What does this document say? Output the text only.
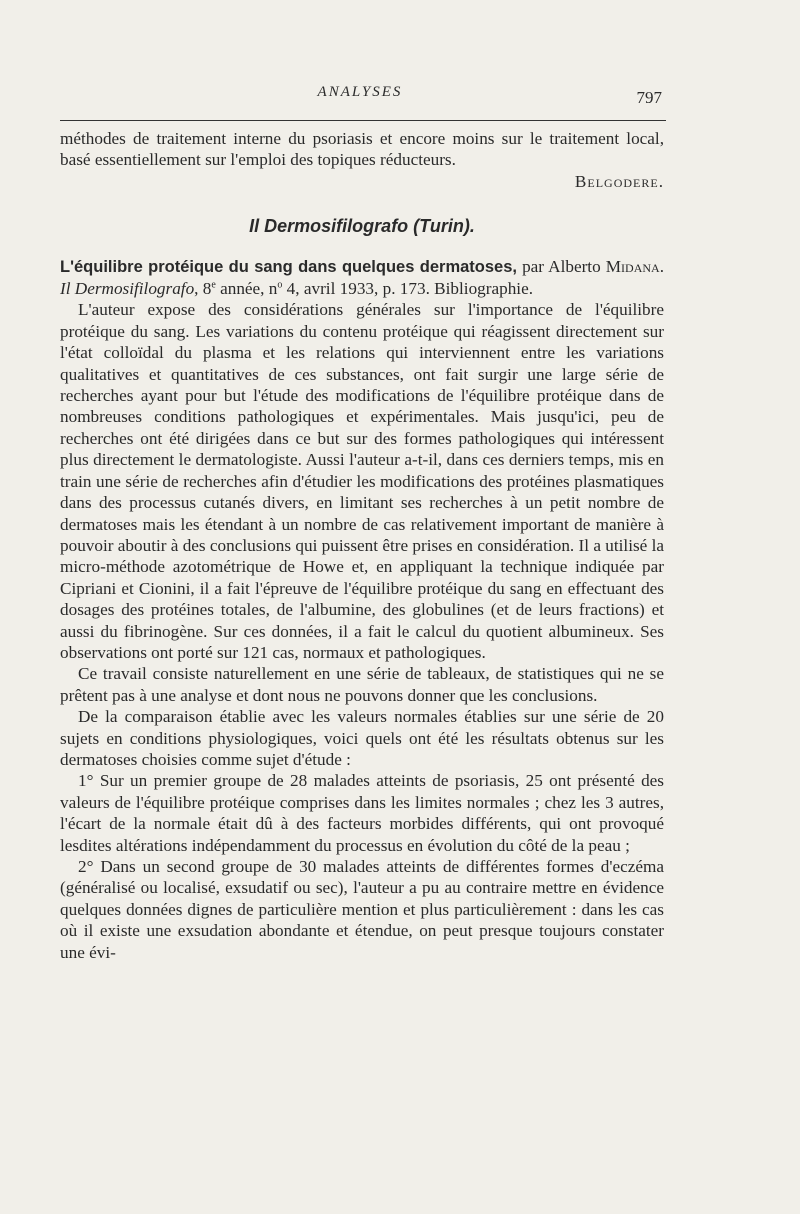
ANALYSES	797

méthodes de traitement interne du psoriasis et encore moins sur le traitement local, basé essentiellement sur l'emploi des topiques réducteurs.

Belgodere.

Il Dermosifilografo (Turin).

L'équilibre protéique du sang dans quelques dermatoses, par Alberto Midana. Il Dermosifilografo, 8e année, $n^o$ 4, avril 1933, p. 173. Bibliographie.

L'auteur expose des considérations générales sur l'importance de l'équilibre protéique du sang. Les variations du contenu protéique qui réagissent directement sur l'état colloïdal du plasma et les relations qui interviennent entre les variations qualitatives et quantitatives de ces substances, ont fait surgir une large série de recherches ayant pour but l'étude des modifications de l'équilibre protéique dans de nombreuses conditions pathologiques et expérimentales. Mais jusqu'ici, peu de recherches ont été dirigées dans ce but sur des formes pathologiques qui intéressent plus directement le dermatologiste. Aussi l'auteur a-t-il, dans ces derniers temps, mis en train une série de recherches afin d'étudier les modifications des protéines plasmatiques dans des processus cutanés divers, en limitant ses recherches à un petit nombre de dermatoses mais les étendant à un nombre de cas relativement important de manière à pouvoir aboutir à des conclusions qui puissent être prises en considération. Il a utilisé la micro-méthode azotométrique de Howe et, en appliquant la technique indiquée par Cipriani et Cionini, il a fait l'épreuve de l'équilibre protéique du sang en effectuant des dosages des protéines totales, de l'albumine, des globulines (et de leurs fractions) et aussi du fibrinogène. Sur ces données, il a fait le calcul du quotient albumineux. Ses observations ont porté sur 121 cas, normaux et pathologiques.

Ce travail consiste naturellement en une série de tableaux, de statistiques qui ne se prêtent pas à une analyse et dont nous ne pouvons donner que les conclusions.

De la comparaison établie avec les valeurs normales établies sur une série de 20 sujets en conditions physiologiques, voici quels ont été les résultats obtenus sur les dermatoses choisies comme sujet d'étude :

1° Sur un premier groupe de 28 malades atteints de psoriasis, 25 ont présenté des valeurs de l'équilibre protéique comprises dans les limites normales ; chez les 3 autres, l'écart de la normale était dû à des facteurs morbides différents, qui ont provoqué lesdites altérations indépendamment du processus en évolution du côté de la peau ;

2° Dans un second groupe de 30 malades atteints de différentes formes d'eczéma (généralisé ou localisé, exsudatif ou sec), l'auteur a pu au contraire mettre en évidence quelques données dignes de particulière mention et plus particulièrement : dans les cas où il existe une exsudation abondante et étendue, on peut presque toujours constater une évi-
